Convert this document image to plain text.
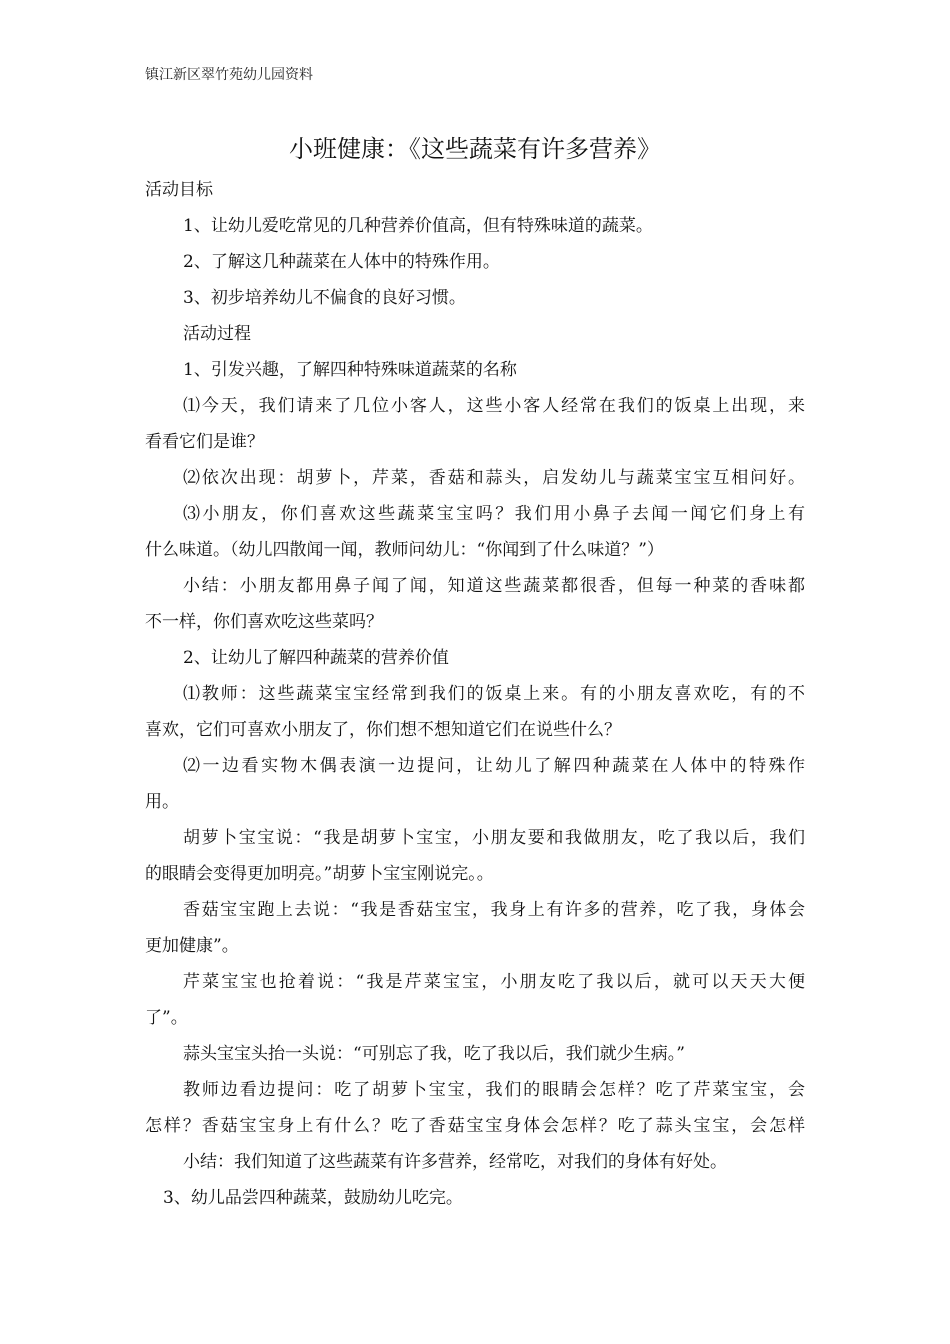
镇江新区翠竹苑幼儿园资料
小班健康：《这些蔬菜有许多营养》
活动目标
1、让幼儿爱吃常见的几种营养价值高，但有特殊味道的蔬菜。
2、了解这几种蔬菜在人体中的特殊作用。
3、初步培养幼儿不偏食的良好习惯。
活动过程
1、引发兴趣，了解四种特殊味道蔬菜的名称
⑴今天，我们请来了几位小客人，这些小客人经常在我们的饭桌上出现，来
看看它们是谁？
⑵依次出现：胡萝卜，芹菜，香菇和蒜头，启发幼儿与蔬菜宝宝互相问好。
⑶小朋友，你们喜欢这些蔬菜宝宝吗？我们用小鼻子去闻一闻它们身上有
什么味道。（幼儿四散闻一闻，教师问幼儿：“你闻到了什么味道？”）
小结：小朋友都用鼻子闻了闻，知道这些蔬菜都很香，但每一种菜的香味都
不一样，你们喜欢吃这些菜吗？
2、让幼儿了解四种蔬菜的营养价值
⑴教师：这些蔬菜宝宝经常到我们的饭桌上来。有的小朋友喜欢吃，有的不
喜欢，它们可喜欢小朋友了，你们想不想知道它们在说些什么？
⑵一边看实物木偶表演一边提问，让幼儿了解四种蔬菜在人体中的特殊作
用。
胡萝卜宝宝说：“我是胡萝卜宝宝，小朋友要和我做朋友，吃了我以后，我们
的眼睛会变得更加明亮。”胡萝卜宝宝刚说完。。
香菇宝宝跑上去说：“我是香菇宝宝，我身上有许多的营养，吃了我，身体会
更加健康”。
芹菜宝宝也抢着说：“我是芹菜宝宝，小朋友吃了我以后，就可以天天大便
了”。
蒜头宝宝头抬一头说：“可别忘了我，吃了我以后，我们就少生病。”
教师边看边提问：吃了胡萝卜宝宝，我们的眼睛会怎样？吃了芹菜宝宝，会
怎样？香菇宝宝身上有什么？吃了香菇宝宝身体会怎样？吃了蒜头宝宝，会怎样
小结：我们知道了这些蔬菜有许多营养，经常吃，对我们的身体有好处。
3、幼儿品尝四种蔬菜，鼓励幼儿吃完。
